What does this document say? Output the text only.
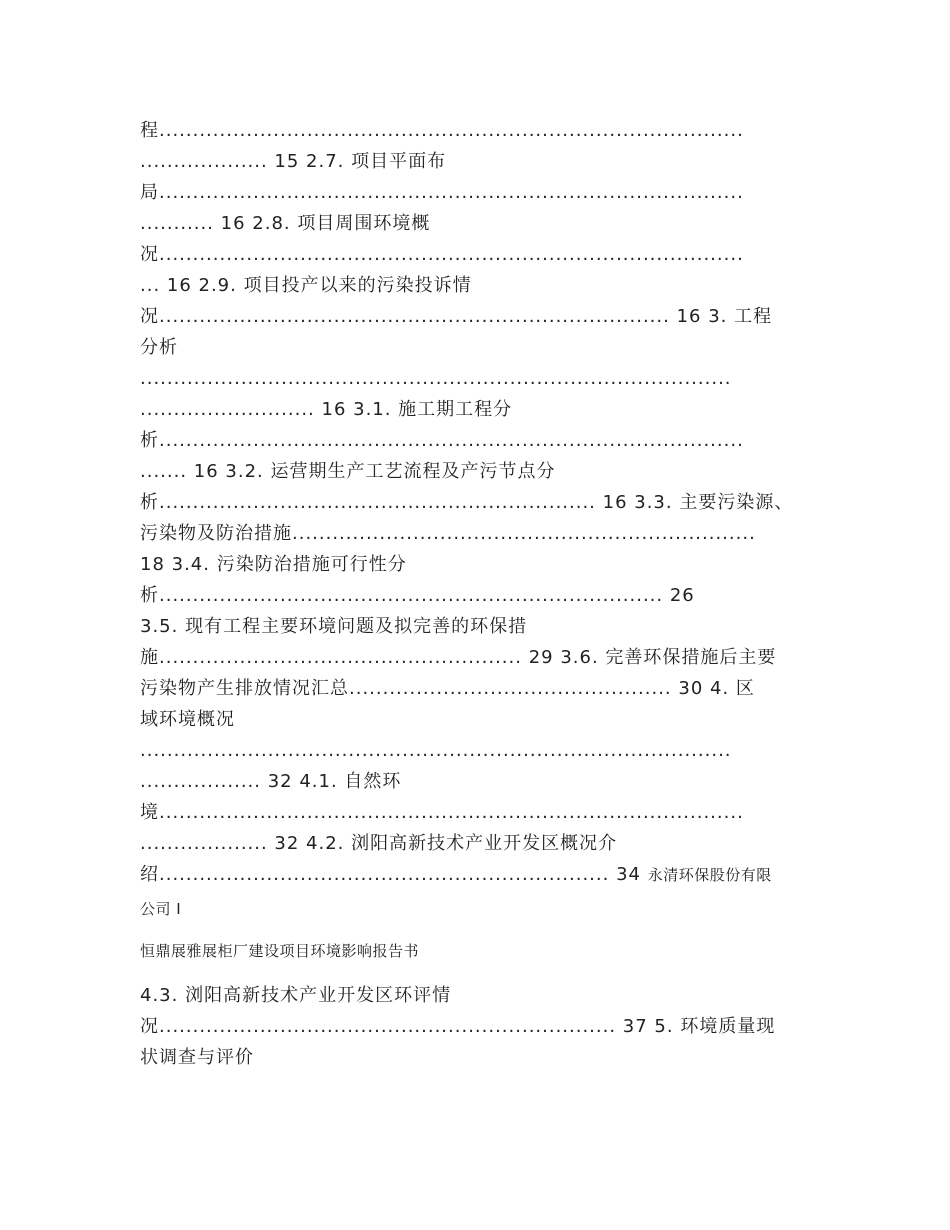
程.......................................................................................
................... 15 2.7. 项目平面布
局.......................................................................................
........... 16 2.8. 项目周围环境概
况.......................................................................................
... 16 2.9. 项目投产以来的污染投诉情
况............................................................................ 16 3. 工程
分析
........................................................................................
.......................... 16 3.1. 施工期工程分
析.......................................................................................
....... 16 3.2. 运营期生产工艺流程及产污节点分
析................................................................. 16 3.3. 主要污染源、
污染物及防治措施.....................................................................
18 3.4. 污染防治措施可行性分
析........................................................................... 26
3.5. 现有工程主要环境问题及拟完善的环保措
施...................................................... 29 3.6. 完善环保措施后主要
污染物产生排放情况汇总................................................ 30 4. 区
域环境概况
........................................................................................
.................. 32 4.1. 自然环
境.......................................................................................
................... 32 4.2. 浏阳高新技术产业开发区概况介
绍................................................................... 34 永清环保股份有限
公司 I
恒鼎展雅展柜厂建设项目环境影响报告书
4.3. 浏阳高新技术产业开发区环评情
况.................................................................... 37 5. 环境质量现
状调查与评价
